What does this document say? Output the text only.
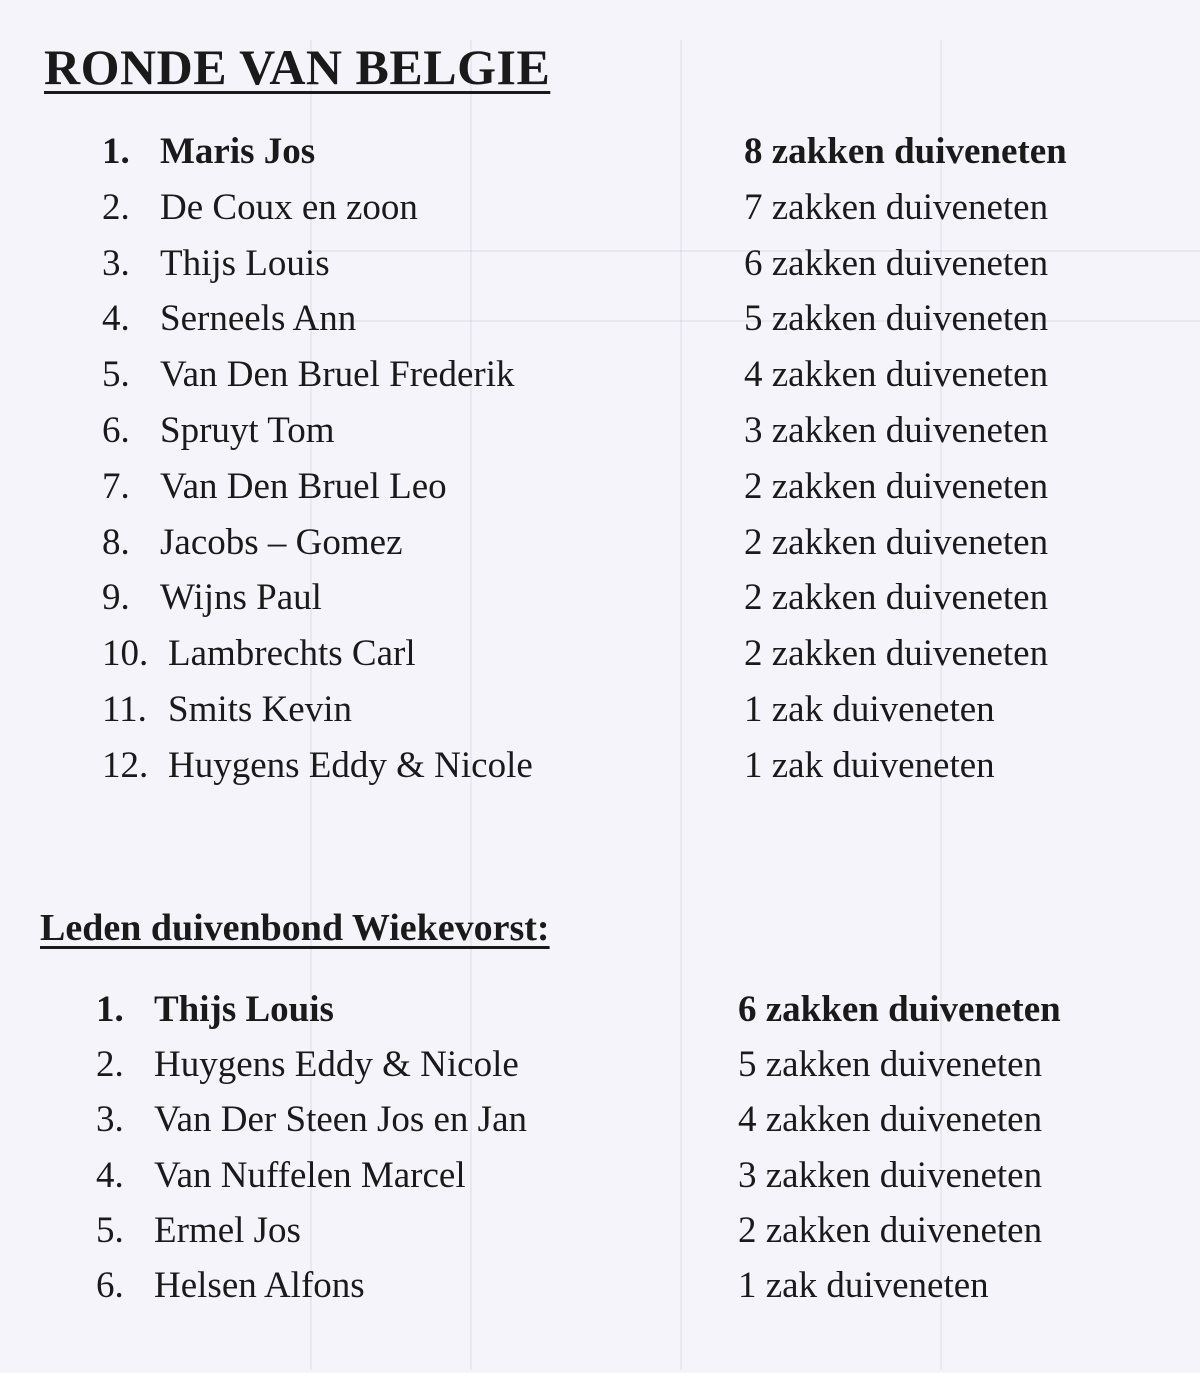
RONDE VAN BELGIE
1. Maris Jos	8 zakken duiveneten
2. De Coux en zoon	7 zakken duiveneten
3. Thijs Louis	6 zakken duiveneten
4. Serneels Ann	5 zakken duiveneten
5. Van Den Bruel Frederik	4 zakken duiveneten
6. Spruyt Tom	3 zakken duiveneten
7. Van Den Bruel Leo	2 zakken duiveneten
8. Jacobs – Gomez	2 zakken duiveneten
9. Wijns Paul	2 zakken duiveneten
10. Lambrechts Carl	2 zakken duiveneten
11. Smits Kevin	1 zak duiveneten
12. Huygens Eddy & Nicole	1 zak duiveneten
Leden duivenbond Wiekevorst:
1. Thijs Louis	6 zakken duiveneten
2. Huygens Eddy & Nicole	5 zakken duiveneten
3. Van Der Steen Jos en Jan	4 zakken duiveneten
4. Van Nuffelen Marcel	3 zakken duiveneten
5. Ermel Jos	2 zakken duiveneten
6. Helsen Alfons	1 zak duiveneten
